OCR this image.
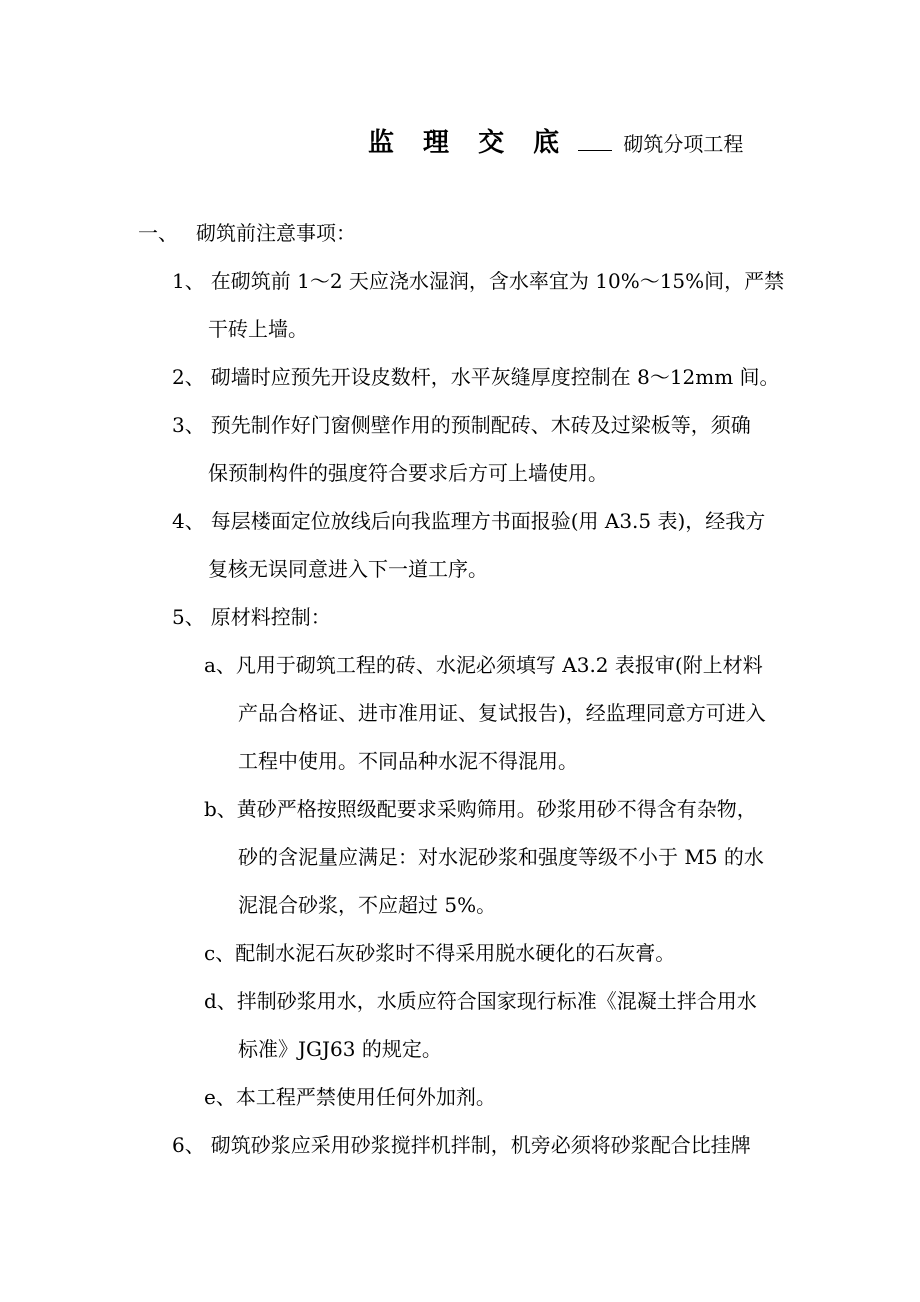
监 理 交 底	砌筑分项工程
一、 砌筑前注意事项：
1、 在砌筑前 1～2 天应浇水湿润，含水率宜为 10%～15%间，严禁
干砖上墙。
2、 砌墙时应预先开设皮数杆，水平灰缝厚度控制在 8～12mm 间。
3、 预先制作好门窗侧壁作用的预制配砖、木砖及过梁板等，须确
保预制构件的强度符合要求后方可上墙使用。
4、 每层楼面定位放线后向我监理方书面报验(用 A3.5 表)，经我方
复核无误同意进入下一道工序。
5、 原材料控制：
a、凡用于砌筑工程的砖、水泥必须填写 A3.2 表报审(附上材料
产品合格证、进市准用证、复试报告)，经监理同意方可进入
工程中使用。不同品种水泥不得混用。
b、黄砂严格按照级配要求采购筛用。砂浆用砂不得含有杂物，
砂的含泥量应满足：对水泥砂浆和强度等级不小于 M5 的水
泥混合砂浆，不应超过 5%。
c、配制水泥石灰砂浆时不得采用脱水硬化的石灰膏。
d、拌制砂浆用水，水质应符合国家现行标准《混凝土拌合用水
标准》JGJ63 的规定。
e、本工程严禁使用任何外加剂。
6、 砌筑砂浆应采用砂浆搅拌机拌制，机旁必须将砂浆配合比挂牌
